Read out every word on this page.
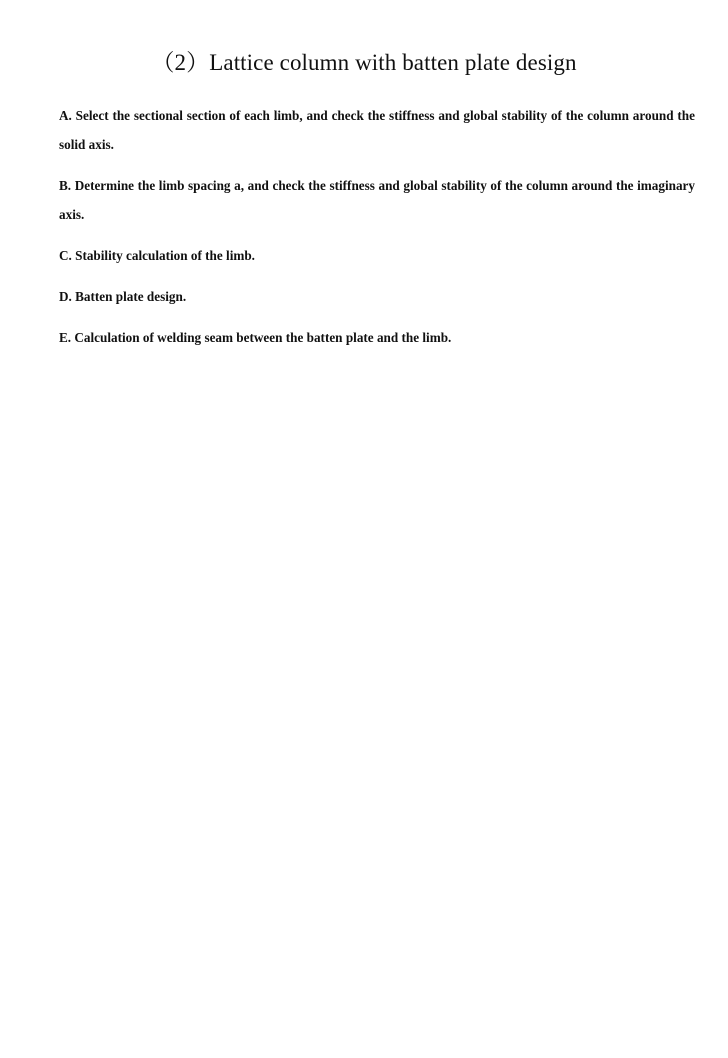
（2）Lattice column with batten plate design

A. Select the sectional section of each limb, and check the stiffness and global stability of the column around the solid axis.

B. Determine the limb spacing a, and check the stiffness and global stability of the column around the imaginary axis.

C. Stability calculation of the limb.

D. Batten plate design.

E. Calculation of welding seam between the batten plate and the limb.
